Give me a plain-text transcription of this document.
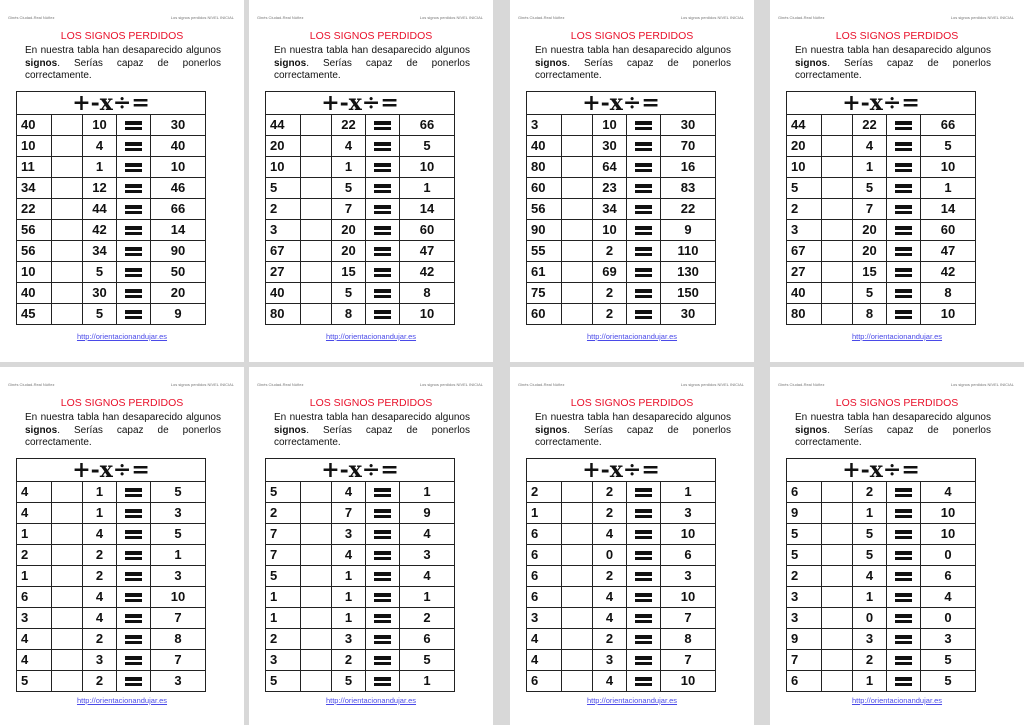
Ginés Ciudad-Real Núñez	Los signos perdidos NIVEL INICIAL
LOS SIGNOS PERDIDOS
En nuestra tabla han desaparecido algunos signos. Serías capaz de ponerlos correctamente.
+-x÷=				
40		10		30
10		4		40
11		1		10
34		12		46
22		44		66
56		42		14
56		34		90
10		5		50
40		30		20
45		5		9
http://orientacionandujar.es
Ginés Ciudad-Real Núñez	Los signos perdidos NIVEL INICIAL
LOS SIGNOS PERDIDOS
En nuestra tabla han desaparecido algunos signos. Serías capaz de ponerlos correctamente.
+-x÷=				
44		22		66
20		4		5
10		1		10
5		5		1
2		7		14
3		20		60
67		20		47
27		15		42
40		5		8
80		8		10
http://orientacionandujar.es
Ginés Ciudad-Real Núñez	Los signos perdidos NIVEL INICIAL
LOS SIGNOS PERDIDOS
En nuestra tabla han desaparecido algunos signos. Serías capaz de ponerlos correctamente.
+-x÷=				
3		10		30
40		30		70
80		64		16
60		23		83
56		34		22
90		10		9
55		2		110
61		69		130
75		2		150
60		2		30
http://orientacionandujar.es
Ginés Ciudad-Real Núñez	Los signos perdidos NIVEL INICIAL
LOS SIGNOS PERDIDOS
En nuestra tabla han desaparecido algunos signos. Serías capaz de ponerlos correctamente.
+-x÷=				
44		22		66
20		4		5
10		1		10
5		5		1
2		7		14
3		20		60
67		20		47
27		15		42
40		5		8
80		8		10
http://orientacionandujar.es
Ginés Ciudad-Real Núñez	Los signos perdidos NIVEL INICIAL
LOS SIGNOS PERDIDOS
En nuestra tabla han desaparecido algunos signos. Serías capaz de ponerlos correctamente.
+-x÷=				
4		1		5
4		1		3
1		4		5
2		2		1
1		2		3
6		4		10
3		4		7
4		2		8
4		3		7
5		2		3
http://orientacionandujar.es
Ginés Ciudad-Real Núñez	Los signos perdidos NIVEL INICIAL
LOS SIGNOS PERDIDOS
En nuestra tabla han desaparecido algunos signos. Serías capaz de ponerlos correctamente.
+-x÷=				
5		4		1
2		7		9
7		3		4
7		4		3
5		1		4
1		1		1
1		1		2
2		3		6
3		2		5
5		5		1
http://orientacionandujar.es
Ginés Ciudad-Real Núñez	Los signos perdidos NIVEL INICIAL
LOS SIGNOS PERDIDOS
En nuestra tabla han desaparecido algunos signos. Serías capaz de ponerlos correctamente.
+-x÷=				
2		2		1
1		2		3
6		4		10
6		0		6
6		2		3
6		4		10
3		4		7
4		2		8
4		3		7
6		4		10
http://orientacionandujar.es
Ginés Ciudad-Real Núñez	Los signos perdidos NIVEL INICIAL
LOS SIGNOS PERDIDOS
En nuestra tabla han desaparecido algunos signos. Serías capaz de ponerlos correctamente.
+-x÷=				
6		2		4
9		1		10
5		5		10
5		5		0
2		4		6
3		1		4
3		0		0
9		3		3
7		2		5
6		1		5
http://orientacionandujar.es
